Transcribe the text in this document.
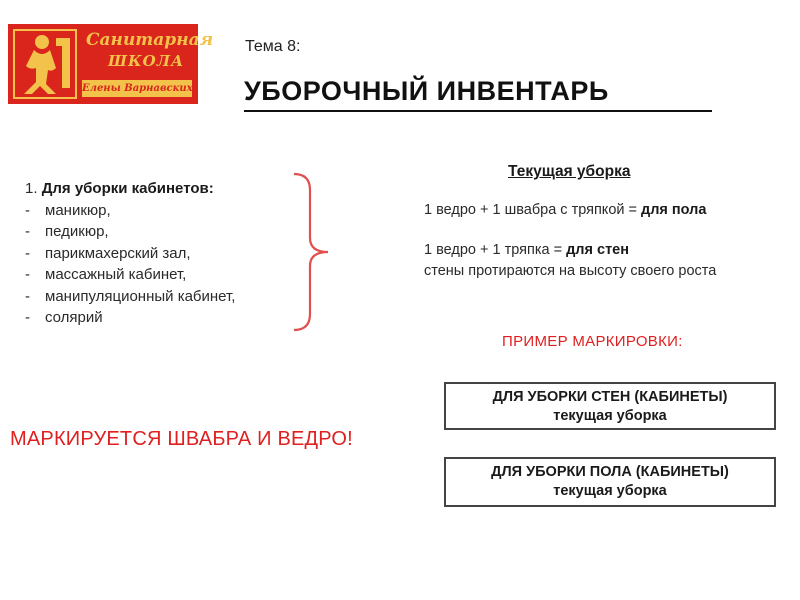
Санитарная
ШКОЛА
Елены Варнавских
Тема 8:
УБОРОЧНЫЙ ИНВЕНТАРЬ
1. Для уборки кабинетов:
- маникюр,
- педикюр,
- парикмахерский зал,
- массажный кабинет,
- манипуляционный кабинет,
- солярий
Текущая уборка
1 ведро + 1 швабра с тряпкой = для пола
1 ведро + 1 тряпка = для стен
стены протираются на высоту своего роста
ПРИМЕР МАРКИРОВКИ:
ДЛЯ УБОРКИ СТЕН (КАБИНЕТЫ)
текущая уборка
ДЛЯ УБОРКИ ПОЛА (КАБИНЕТЫ)
текущая уборка
МАРКИРУЕТСЯ ШВАБРА И ВЕДРО!
